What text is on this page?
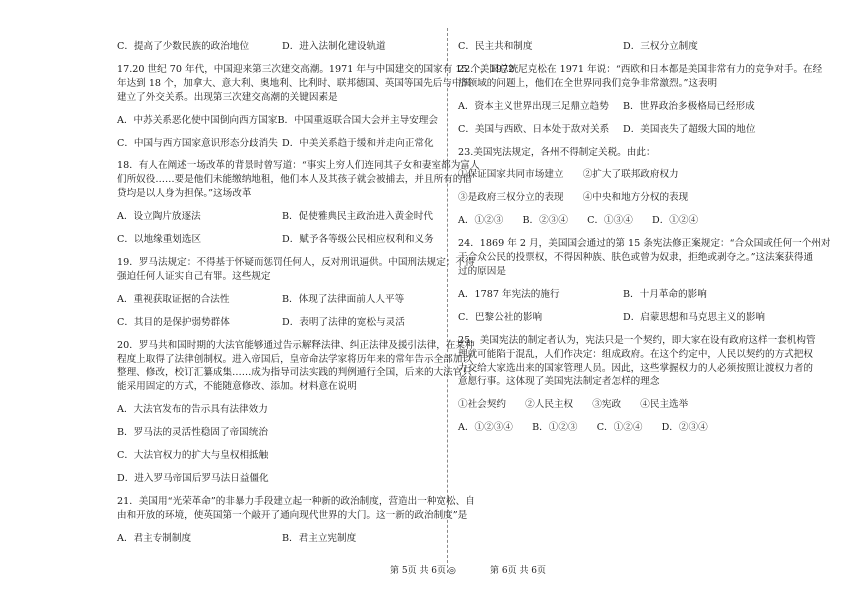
C．提高了少数民族的政治地位	D．进入法制化建设轨道

17.20 世纪 70 年代，中国迎来第三次建交高潮。1971 年与中国建交的国家有 15 个，1972

年达到 18 个，加拿大、意大利、奥地利、比利时、联邦德国、英国等国先后与中国

建立了外交关系。出现第三次建交高潮的关键因素是

A．中苏关系恶化使中国倒向西方国家 B．中国重返联合国大会并主导安理会
C．中国与西方国家意识形态分歧消失 D．中美关系趋于缓和并走向正常化

18．有人在阐述一场改革的背景时曾写道：“事实上穷人们连同其子女和妻室都为富人

们所奴役……要是他们未能缴纳地租，他们本人及其孩子就会被捕去，并且所有的借

贷均是以人身为担保。”这场改革

A．设立陶片放逐法	B．促使雅典民主政治进入黄金时代
C．以地缘重划选区	D．赋予各等级公民相应权利和义务

19．罗马法规定：不得基于怀疑而惩罚任何人，反对刑讯逼供。中国刑法规定：不得

强迫任何人证实自己有罪。这些规定

A．重视获取证据的合法性	B．体现了法律面前人人平等
C．其目的是保护弱势群体	D．表明了法律的宽松与灵活

20．罗马共和国时期的大法官能够通过告示解释法律、纠正法律及援引法律，在某种

程度上取得了法律创制权。进入帝国后，皇帝命法学家将历年来的常年告示全部加以

整理、修改，校订汇纂成集……成为指导司法实践的判例遁行全国，后来的大法官只

能采用固定的方式，不能随意修改、添加。材料意在说明

A．大法官发布的告示具有法律效力

B．罗马法的灵活性稳固了帝国统治

C．大法官权力的扩大与皇权相抵触

D．进入罗马帝国后罗马法日益僵化

21．美国用“光荣革命”的非暴力手段建立起一种新的政治制度，营造出一种宽松、自

由和开放的环境，使英国第一个敲开了通向现代世界的大门。这一新的政治制度”是

A．君主专制制度	B．君主立宪制度
C．民主共和制度	D．三权分立制度

22．美国总统尼克松在 1971 年说：“西欧和日本都是美国非常有力的竞争对手。在经

济领域的问题上，他们在全世界同我们竞争非常激烈。”这表明

A．资本主义世界出现三足鼎立趋势	B．世界政治多极格局已经形成
C．美国与西欧、日本处于敌对关系	D．美国丧失了超级大国的地位

23.美国宪法规定，各州不得制定关税。由此：

①保证国家共同市场建立　　②扩大了联邦政府权力

③是政府三权分立的表现　　④中央和地方分权的表现

A．①②③　　B．②③④　　C．①③④　　D．①②④

24．1869 年 2 月，美国国会通过的第 15 条宪法修正案规定：“合众国或任何一个州对

于合众公民的投票权，不得因种族、肤色或曾为奴隶，拒绝或剥夺之。”这法案获得通

过的原因是

A．1787 年宪法的施行	B．十月革命的影响
C．巴黎公社的影响	D．启蒙思想和马克思主义的影响

25．美国宪法的制定者认为，宪法只是一个契约，即大家在设有政府这样一套机构管

理就可能陷于混乱，人们作决定：组成政府。在这个约定中，人民以契约的方式把权

力交给大家选出来的国家管理人员。因此，这些掌握权力的人必须按照让渡权力者的

意愿行事。这体现了美国宪法制定者怎样的理念

①社会契约　　②人民主权　　③宪政　　④民主选举

A．①②③④　　B．①②③　　C．①②④　　D．②③④

第 5页 共 6页 ◎	第 6页 共 6页
